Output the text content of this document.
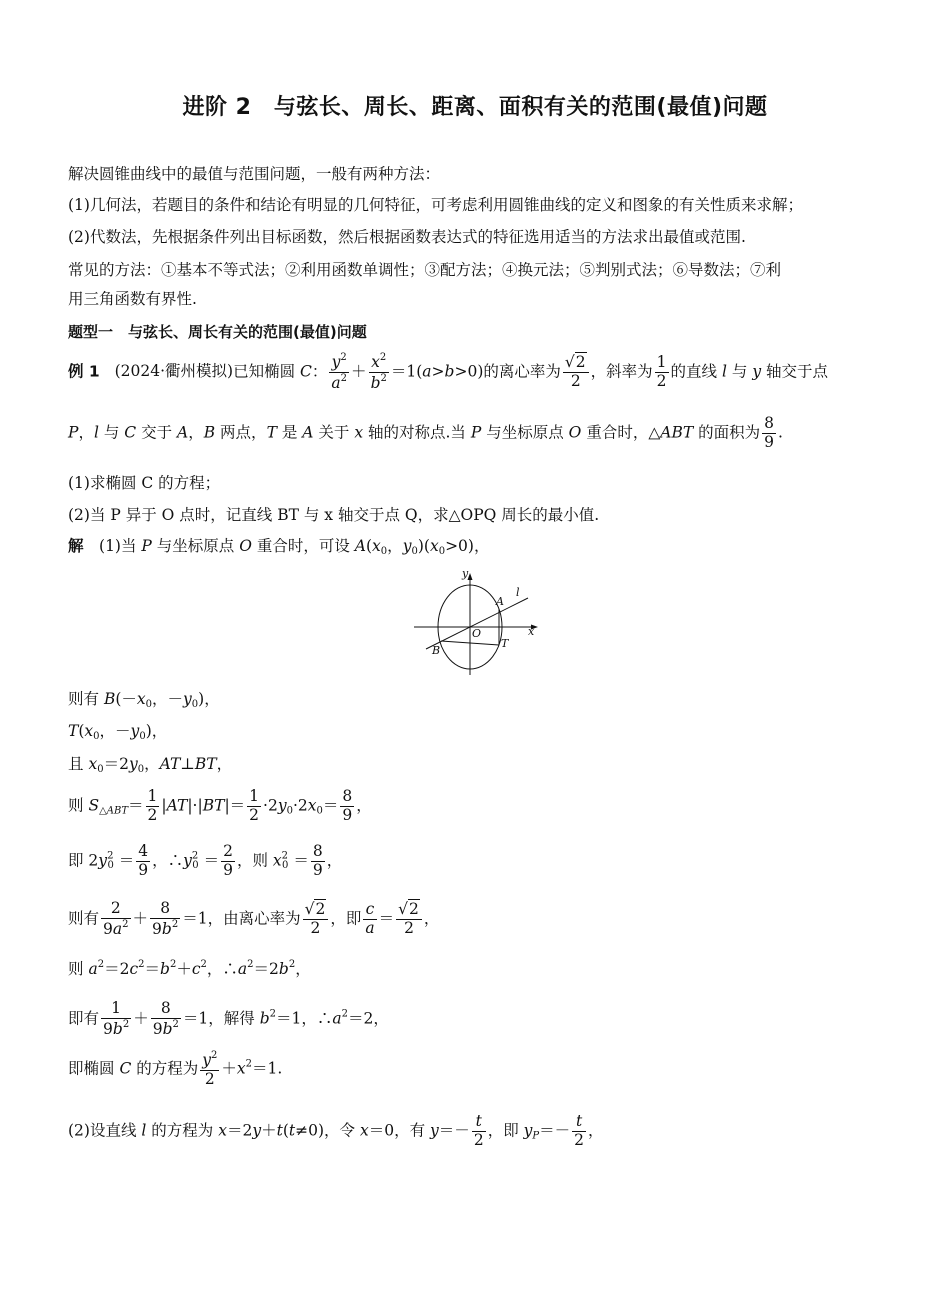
进阶 2　与弦长、周长、距离、面积有关的范围(最值)问题
解决圆锥曲线中的最值与范围问题，一般有两种方法：
(1)几何法，若题目的条件和结论有明显的几何特征，可考虑利用圆锥曲线的定义和图象的有关性质来求解；
(2)代数法，先根据条件列出目标函数，然后根据函数表达式的特征选用适当的方法求出最值或范围.
常见的方法：①基本不等式法；②利用函数单调性；③配方法；④换元法；⑤判别式法；⑥导数法；⑦利
用三角函数有界性.
题型一　与弦长、周长有关的范围(最值)问题
例 1 (2024·衢州模拟)已知椭圆 C： $\frac{y^2}{a^2} + \frac{x^2}{b^2} =1(a>b>0)$的离心率为 $\frac{√2}{2}$ ，斜率为 $\frac{1}{2}$ 的直线 l 与 y 轴交于点
P，l 与 C 交于 A，B 两点，T 是 A 关于 x 轴的对称点.当 P 与坐标原点 O 重合时，△ABT 的面积为 $\frac{8}{9}$ .
(1)求椭圆 C 的方程；
(2)当 P 异于 O 点时，记直线 BT 与 x 轴交于点 Q，求△OPQ 周长的最小值.
解　(1)当 P 与坐标原点 O 重合时，可设 $A(x_0$，$y_0)(x_0>0)$，
y
x
O
A
B
T
l
则有 $B(-x_0$，$-y_0$)，
$T(x_0$，$-y_0$)，
且 $x_0=2y_0$，AT⊥BT，
则 $S_{\triangle ABT}= \frac{1}{2} |AT|\cdot|BT|= \frac{1}{2} \cdot 2y_0\cdot 2x_0= \frac{8}{9}$ ，
即 $2y^2_0 = \frac{4}{9}$ ，$\therefore y^2_0 = \frac{2}{9}$ ，则 $x^2_0 = \frac{8}{9}$ ，
则有 $\frac{2}{9a^2} + \frac{8}{9b^2} =1$，由离心率为 $\frac{√2}{2}$ ，即 $\frac{c}{a} = \frac{√2}{2}$ ，
则 $a^2=2c^2=b^2+c^2$，$\therefore a^2=2b^2$，
即有 $\frac{1}{9b^2} + \frac{8}{9b^2} =1$，解得 $b^2=1$，$\therefore a^2=2$，
即椭圆 C 的方程为 $\frac{y^2}{2} +x^2=1$.
(2)设直线 l 的方程为 x＝2y＋t(t≠0)，令 x＝0，有 $y=- \frac{t}{2}$ ，即 $y_P=- \frac{t}{2}$ ，
